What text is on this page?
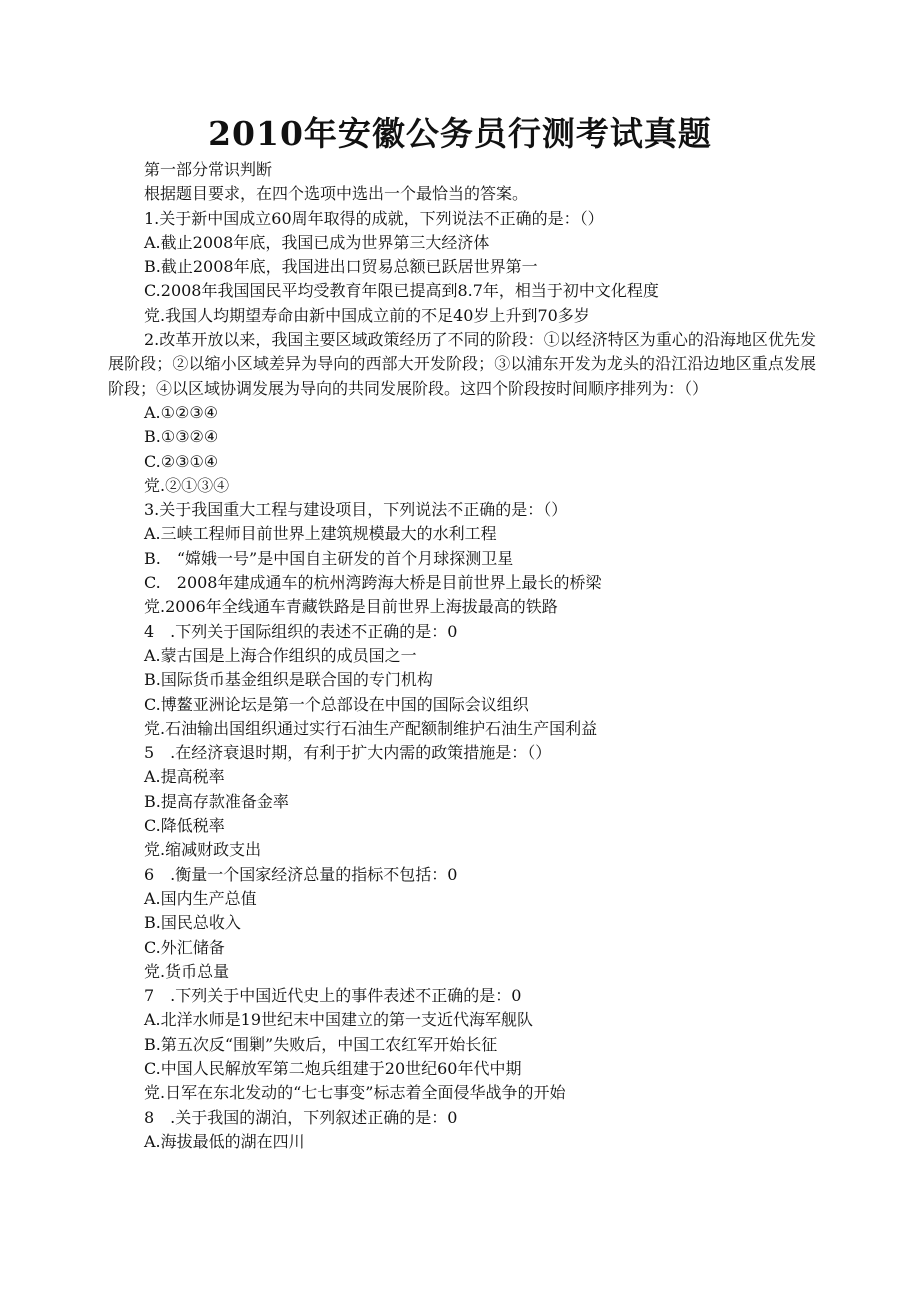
2010年安徽公务员行测考试真题
第一部分常识判断
根据题目要求，在四个选项中选出一个最恰当的答案。
1.关于新中国成立60周年取得的成就，下列说法不正确的是：（）
A.截止2008年底，我国已成为世界第三大经济体
B.截止2008年底，我国进出口贸易总额已跃居世界第一
C.2008年我国国民平均受教育年限已提高到8.7年，相当于初中文化程度
党.我国人均期望寿命由新中国成立前的不足40岁上升到70多岁
2.改革开放以来，我国主要区域政策经历了不同的阶段：①以经济特区为重心的沿海地区优先发展阶段；②以缩小区域差异为导向的西部大开发阶段；③以浦东开发为龙头的沿江沿边地区重点发展阶段；④以区域协调发展为导向的共同发展阶段。这四个阶段按时间顺序排列为：（）
A.①②③④
B.①③②④
C.②③①④
党.②①③④
3.关于我国重大工程与建设项目，下列说法不正确的是：（）
A.三峡工程师目前世界上建筑规模最大的水利工程
B.　“嫦娥一号”是中国自主研发的首个月球探测卫星
C.　2008年建成通车的杭州湾跨海大桥是目前世界上最长的桥梁
党.2006年全线通车青藏铁路是目前世界上海拔最高的铁路
4　.下列关于国际组织的表述不正确的是：0
A.蒙古国是上海合作组织的成员国之一
B.国际货币基金组织是联合国的专门机构
C.博鳌亚洲论坛是第一个总部设在中国的国际会议组织
党.石油输出国组织通过实行石油生产配额制维护石油生产国利益
5　.在经济衰退时期，有利于扩大内需的政策措施是：（）
A.提高税率
B.提高存款准备金率
C.降低税率
党.缩减财政支出
6　.衡量一个国家经济总量的指标不包括：0
A.国内生产总值
B.国民总收入
C.外汇储备
党.货币总量
7　.下列关于中国近代史上的事件表述不正确的是：0
A.北洋水师是19世纪末中国建立的第一支近代海军舰队
B.第五次反“围剿”失败后，中国工农红军开始长征
C.中国人民解放军第二炮兵组建于20世纪60年代中期
党.日军在东北发动的“七七事变”标志着全面侵华战争的开始
8　.关于我国的湖泊，下列叙述正确的是：0
A.海拔最低的湖在四川
